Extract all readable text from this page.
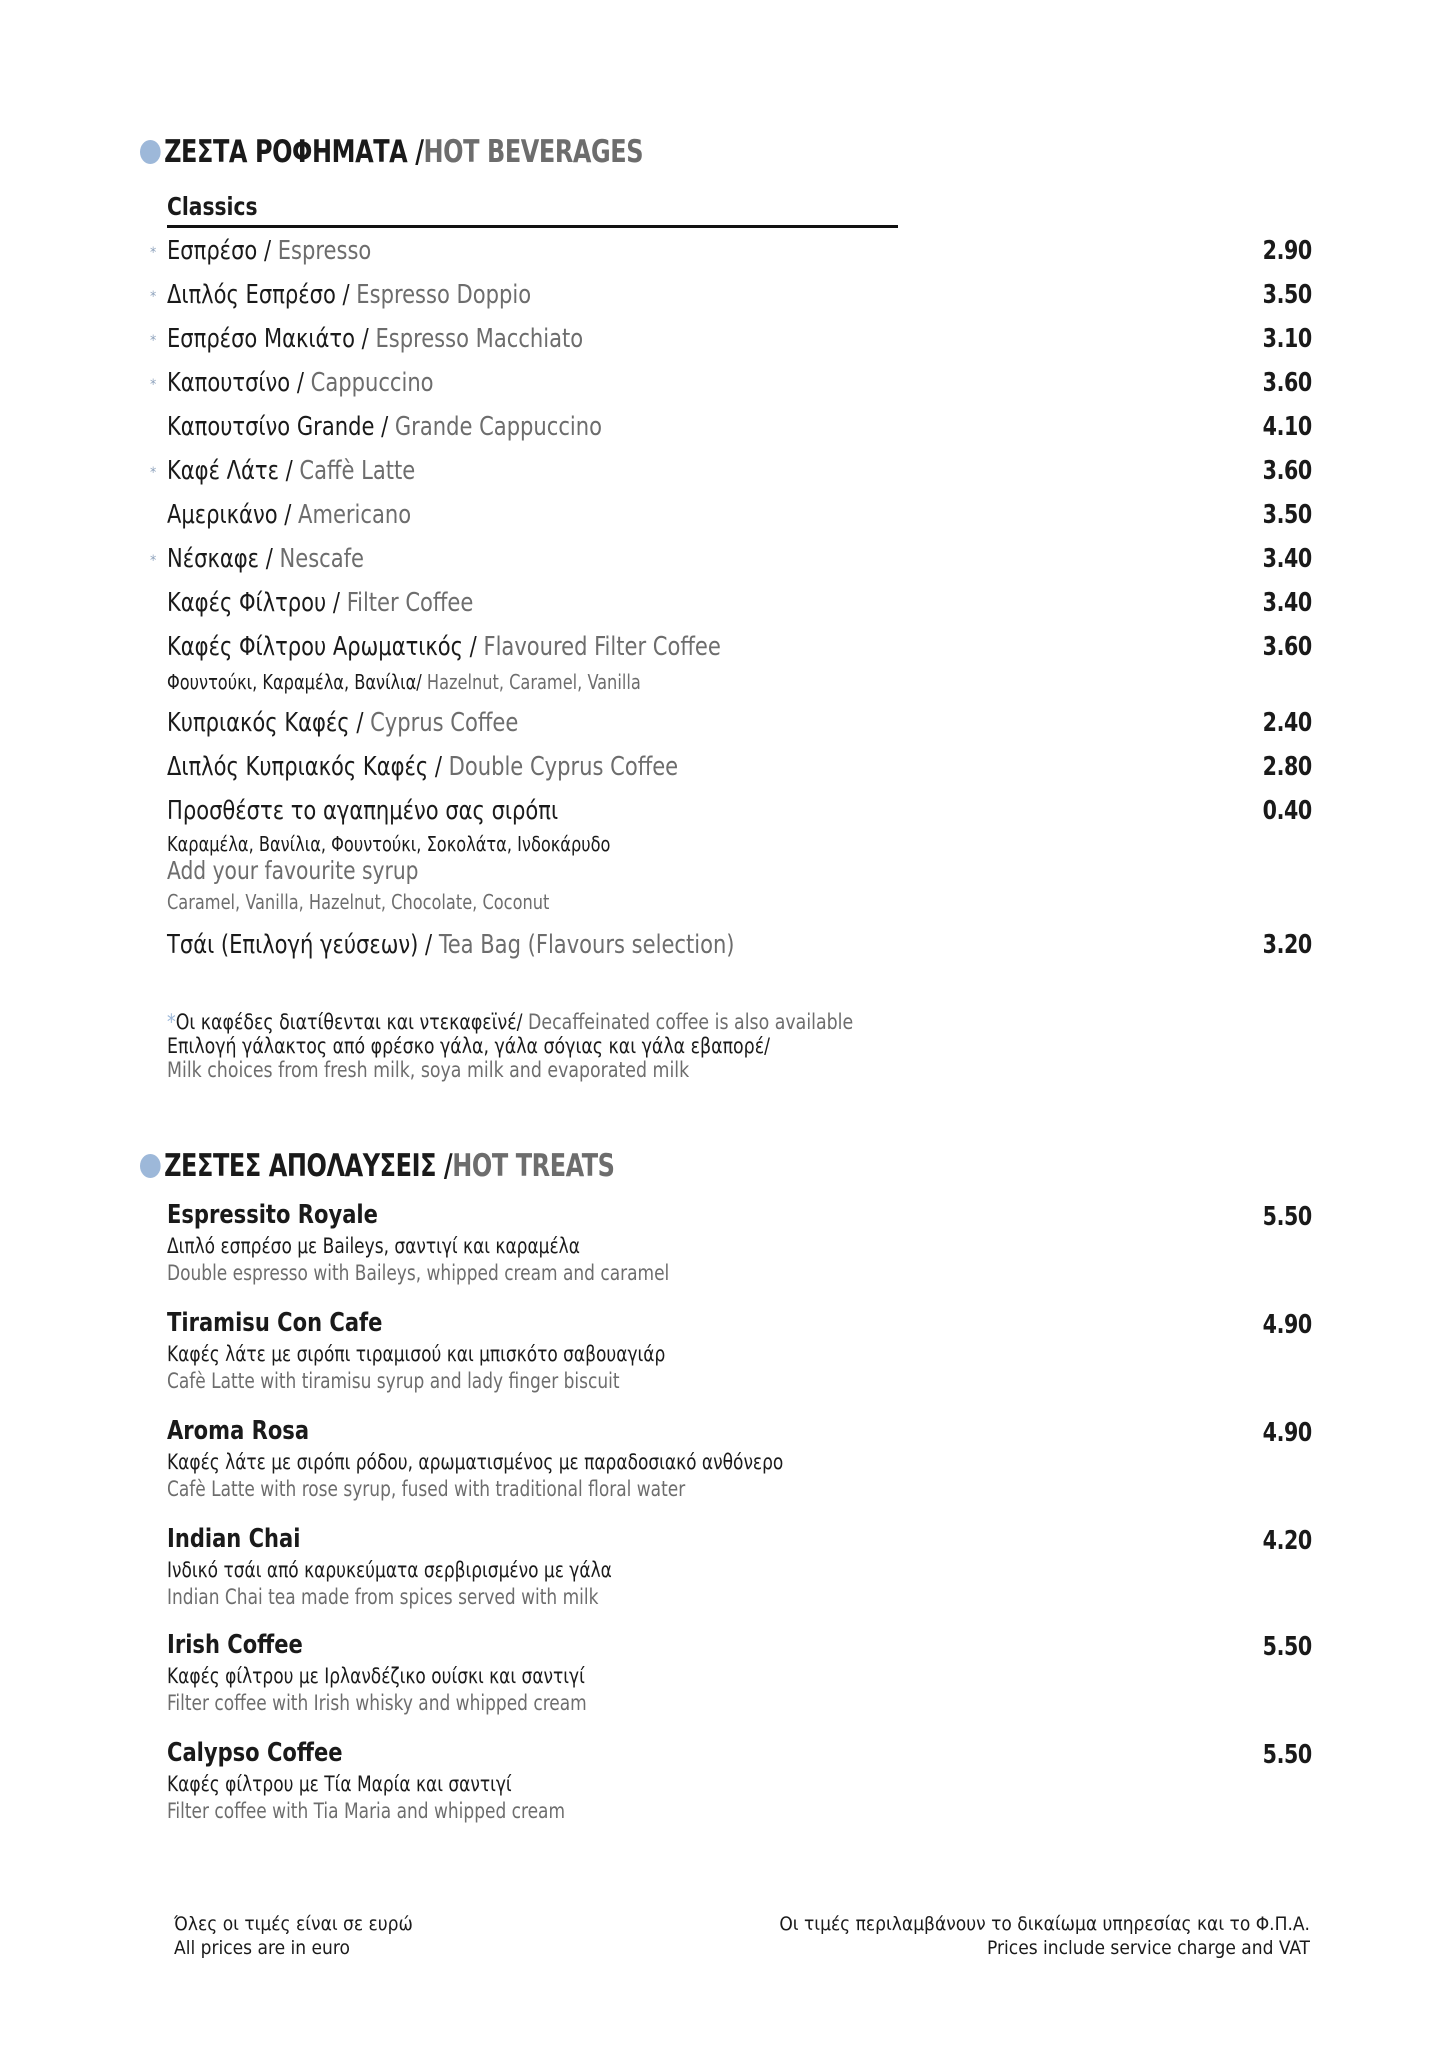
ΖΕΣΤΑ ΡΟΦΗΜΑΤΑ / HOT BEVERAGES
Classics
* Εσπρέσο / Espresso	2.90
* Διπλός Εσπρέσο / Espresso Doppio	3.50
* Εσπρέσο Μακιάτο / Espresso Macchiato	3.10
* Καπουτσίνο / Cappuccino	3.60
Καπουτσίνο Grande / Grande Cappuccino	4.10
* Καφέ Λάτε / Caffè Latte	3.60
Αμερικάνο / Americano	3.50
* Νέσκαφε / Nescafe	3.40
Καφές Φίλτρου / Filter Coffee	3.40
Καφές Φίλτρου Αρωματικός / Flavoured Filter Coffee	3.60
Φουντούκι, Καραμέλα, Βανίλια/ Hazelnut, Caramel, Vanilla
Κυπριακός Καφές / Cyprus Coffee	2.40
Διπλός Κυπριακός Καφές / Double Cyprus Coffee	2.80
Προσθέστε το αγαπημένο σας σιρόπι	0.40
Καραμέλα, Βανίλια, Φουντούκι, Σοκολάτα, Ινδοκάρυδο
Add your favourite syrup
Caramel, Vanilla, Hazelnut, Chocolate, Coconut
Τσάι (Επιλογή γεύσεων) / Tea Bag (Flavours selection)	3.20
*Οι καφέδες διατίθενται και ντεκαφεϊνέ/ Decaffeinated coffee is also available
Επιλογή γάλακτος από φρέσκο γάλα, γάλα σόγιας και γάλα εβαπορέ/
Milk choices from fresh milk, soya milk and evaporated milk
ΖΕΣΤΕΣ ΑΠΟΛΑΥΣΕΙΣ / HOT TREATS
Espressito Royale
Διπλό εσπρέσο με Baileys, σαντιγί και καραμέλα
Double espresso with Baileys, whipped cream and caramel
5.50
Tiramisu Con Cafe
Καφές λάτε με σιρόπι τιραμισού και μπισκότο σαβουαγιάρ
Cafè Latte with tiramisu syrup and lady finger biscuit
4.90
Aroma Rosa
Καφές λάτε με σιρόπι ρόδου, αρωματισμένος με παραδοσιακό ανθόνερο
Cafè Latte with rose syrup, fused with traditional floral water
4.90
Indian Chai
Ινδικό τσάι από καρυκεύματα σερβιρισμένο με γάλα
Indian Chai tea made from spices served with milk
4.20
Irish Coffee
Καφές φίλτρου με Ιρλανδέζικο ουίσκι και σαντιγί
Filter coffee with Irish whisky and whipped cream
5.50
Calypso Coffee
Καφές φίλτρου με Τία Μαρία και σαντιγί
Filter coffee with Tia Maria and whipped cream
5.50
Όλες οι τιμές είναι σε ευρώ
All prices are in euro
Οι τιμές περιλαμβάνουν το δικαίωμα υπηρεσίας και το Φ.Π.Α.
Prices include service charge and VAT
